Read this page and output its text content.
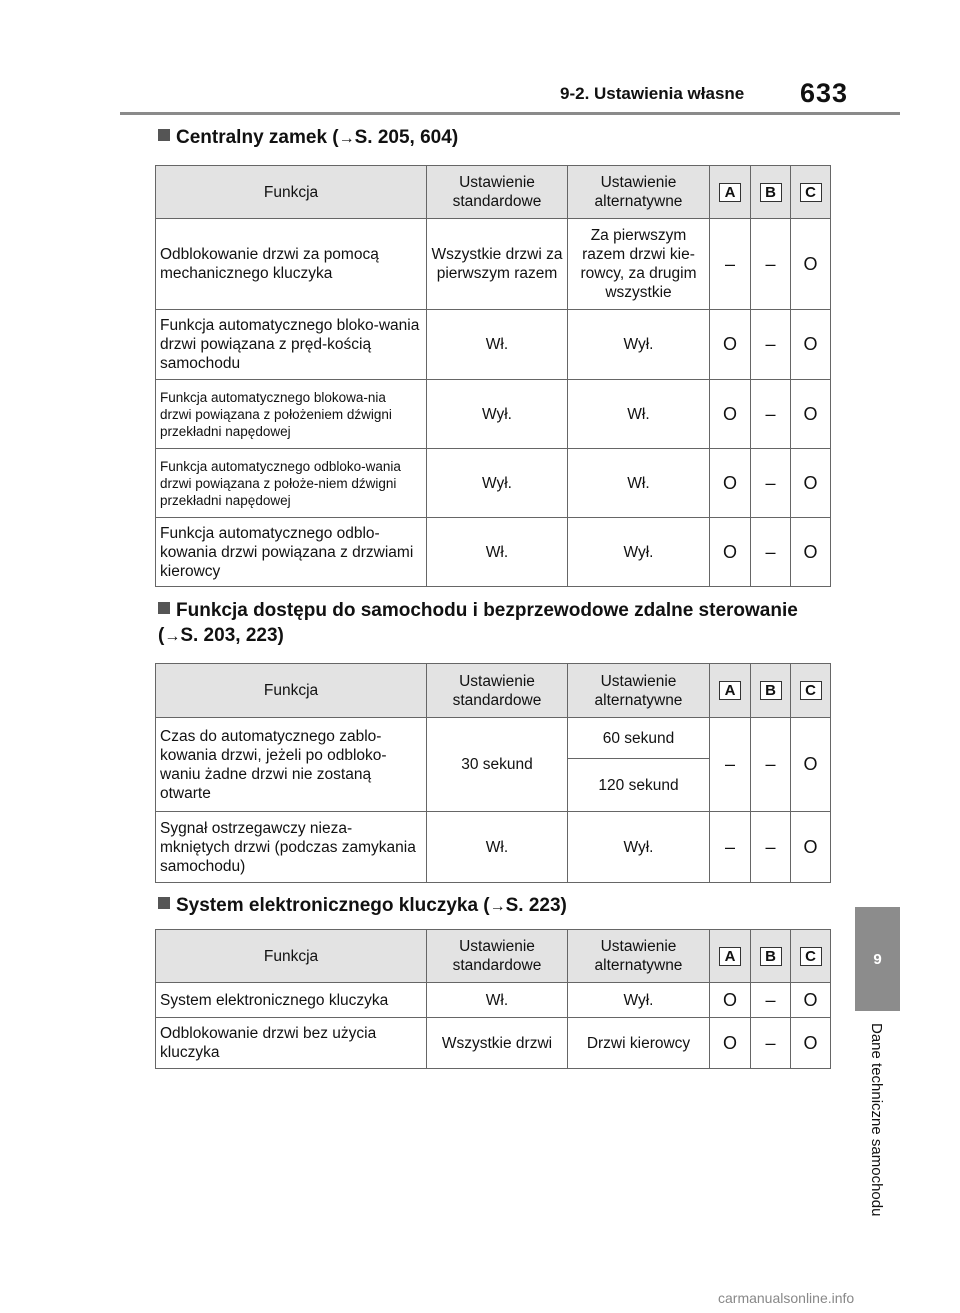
9-2. Ustawienia własne 633
9
Dane techniczne samochodu
Centralny zamek (→S. 205, 604)
Funkcja	Ustawienie standardowe	Ustawienie alternatywne	A	B	C
Odblokowanie drzwi za pomocą mechanicznego kluczyka	Wszystkie drzwi za pierwszym razem	Za pierwszym razem drzwi kie-rowcy, za drugim wszystkie	–	–	O
Funkcja automatycznego bloko-wania drzwi powiązana z pręd-kością samochodu	Wł.	Wył.	O	–	O
Funkcja automatycznego blokowa-nia drzwi powiązana z położeniem dźwigni przekładni napędowej	Wył.	Wł.	O	–	O
Funkcja automatycznego odbloko-wania drzwi powiązana z położe-niem dźwigni przekładni napędowej	Wył.	Wł.	O	–	O
Funkcja automatycznego odblo-kowania drzwi powiązana z drzwiami kierowcy	Wł.	Wył.	O	–	O
Funkcja dostępu do samochodu i bezprzewodowe zdalne sterowanie (→S. 203, 223)
Funkcja	Ustawienie standardowe	Ustawienie alternatywne	A	B	C
Czas do automatycznego zablo-kowania drzwi, jeżeli po odbloko-waniu żadne drzwi nie zostaną otwarte	30 sekund	60 sekund	–	–	O
		120 sekund			
Sygnał ostrzegawczy nieza-mkniętych drzwi (podczas zamykania samochodu)	Wł.	Wył.	–	–	O
System elektronicznego kluczyka (→S. 223)
Funkcja	Ustawienie standardowe	Ustawienie alternatywne	A	B	C
System elektronicznego kluczyka	Wł.	Wył.	O	–	O
Odblokowanie drzwi bez użycia kluczyka	Wszystkie drzwi	Drzwi kierowcy	O	–	O
carmanualsonline.info
